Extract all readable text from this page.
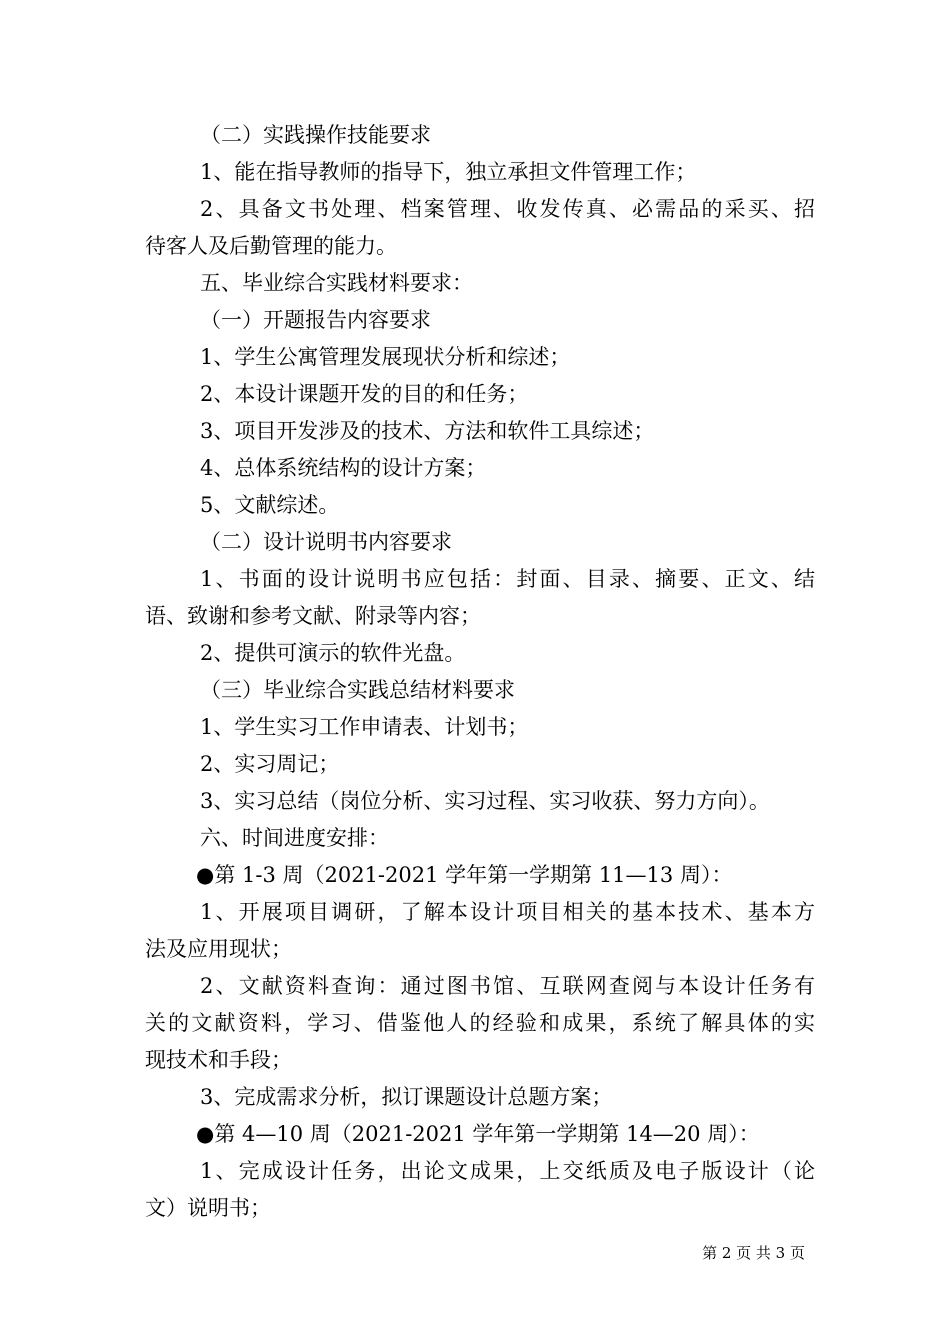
（二）实践操作技能要求
1、能在指导教师的指导下，独立承担文件管理工作；
2、具备文书处理、档案管理、收发传真、必需品的采买、招
待客人及后勤管理的能力。
五、毕业综合实践材料要求：
（一）开题报告内容要求
1、学生公寓管理发展现状分析和综述；
2、本设计课题开发的目的和任务；
3、项目开发涉及的技术、方法和软件工具综述；
4、总体系统结构的设计方案；
5、文献综述。
（二）设计说明书内容要求
1、书面的设计说明书应包括：封面、目录、摘要、正文、结
语、致谢和参考文献、附录等内容；
2、提供可演示的软件光盘。
（三）毕业综合实践总结材料要求
1、学生实习工作申请表、计划书；
2、实习周记；
3、实习总结（岗位分析、实习过程、实习收获、努力方向）。
六、时间进度安排：
●第 1-3 周（2021-2021 学年第一学期第 11—13 周）：
1、开展项目调研，了解本设计项目相关的基本技术、基本方
法及应用现状；
2、文献资料查询：通过图书馆、互联网查阅与本设计任务有
关的文献资料，学习、借鉴他人的经验和成果，系统了解具体的实
现技术和手段；
3、完成需求分析，拟订课题设计总题方案；
●第 4—10 周（2021-2021 学年第一学期第 14—20 周）：
1、完成设计任务，出论文成果，上交纸质及电子版设计（论
文）说明书；
第 2 页 共 3 页
